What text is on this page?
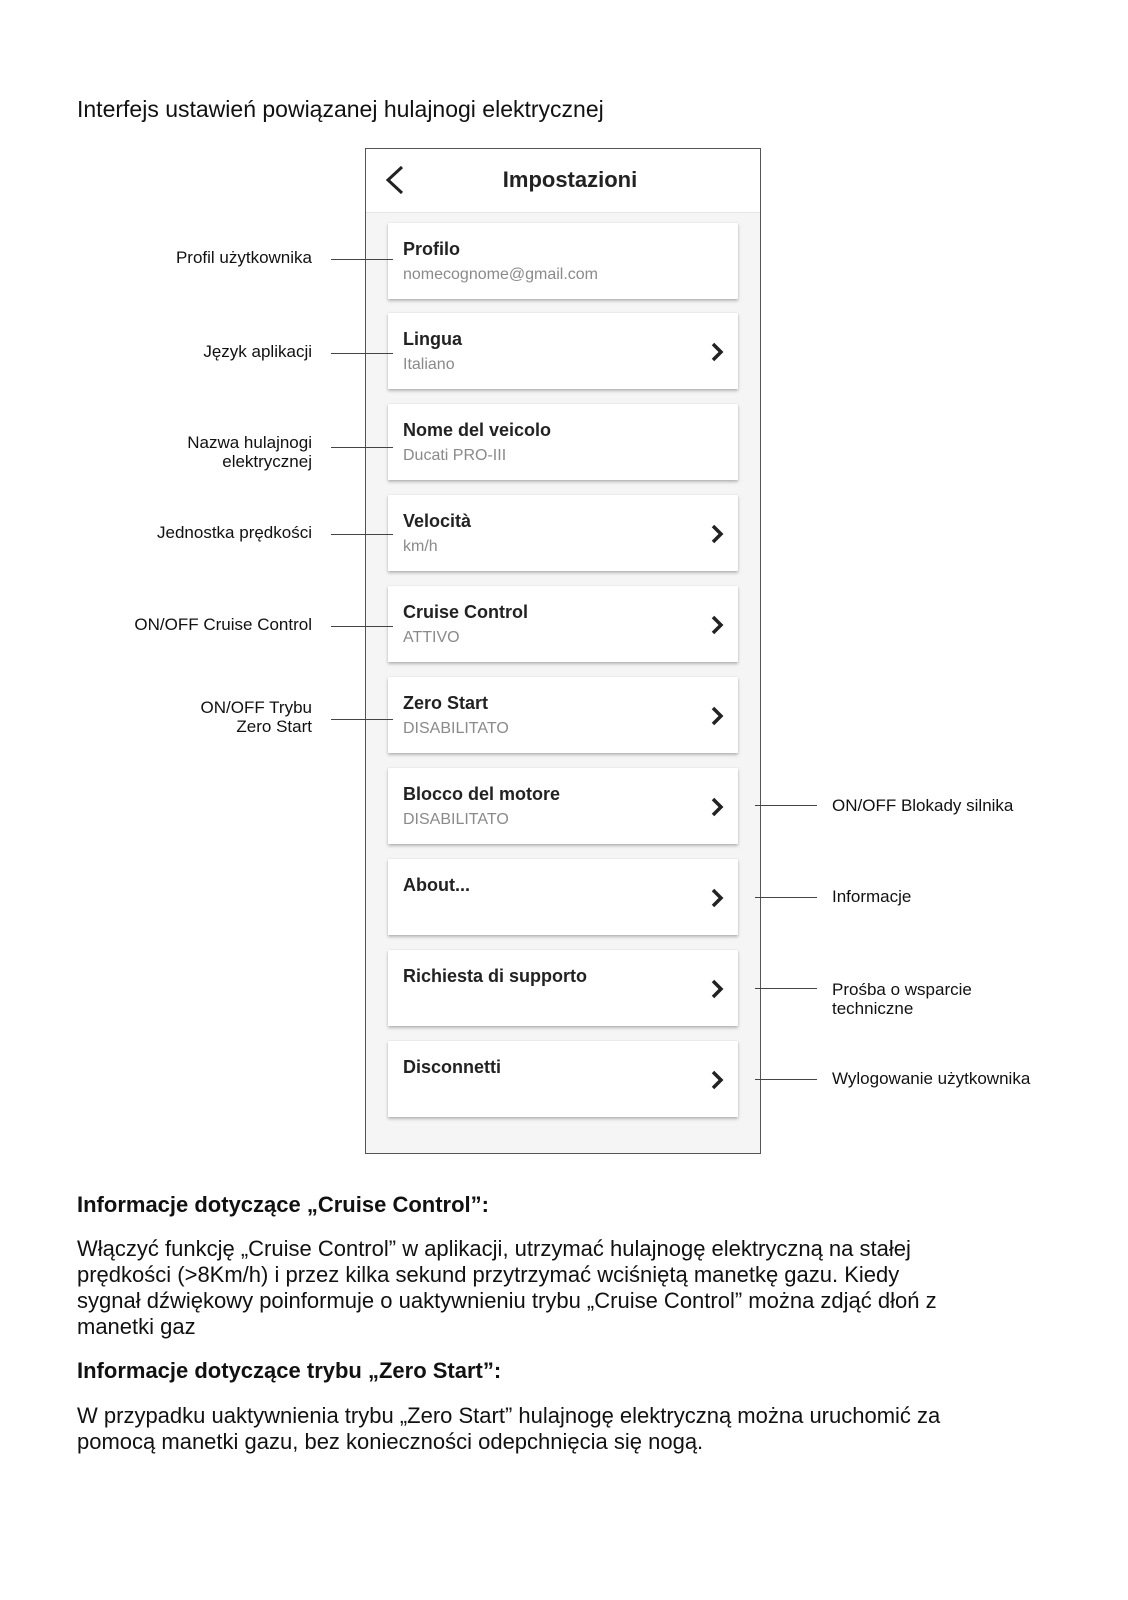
Interfejs ustawień powiązanej hulajnogi elektrycznej
Impostazioni
Profilo
nomecognome@gmail.com
Lingua
Italiano
Nome del veicolo
Ducati PRO-III
Velocità
km/h
Cruise Control
ATTIVO
Zero Start
DISABILITATO
Blocco del motore
DISABILITATO
About...
Richiesta di supporto
Disconnetti
Profil użytkownika
Język aplikacji
Nazwa hulajnogi
elektrycznej
Jednostka prędkości
ON/OFF Cruise Control
ON/OFF Trybu
Zero Start
ON/OFF Blokady silnika
Informacje
Prośba o wsparcie
techniczne
Wylogowanie użytkownika
Informacje dotyczące „Cruise Control”:
Włączyć funkcję „Cruise Control” w aplikacji, utrzymać hulajnogę elektryczną na stałej
prędkości (>8Km/h) i przez kilka sekund przytrzymać wciśniętą manetkę gazu. Kiedy
sygnał dźwiękowy poinformuje o uaktywnieniu trybu „Cruise Control” można zdjąć dłoń z
manetki gaz
Informacje dotyczące trybu „Zero Start”:
W przypadku uaktywnienia trybu „Zero Start” hulajnogę elektryczną można uruchomić za
pomocą manetki gazu, bez konieczności odepchnięcia się nogą.
